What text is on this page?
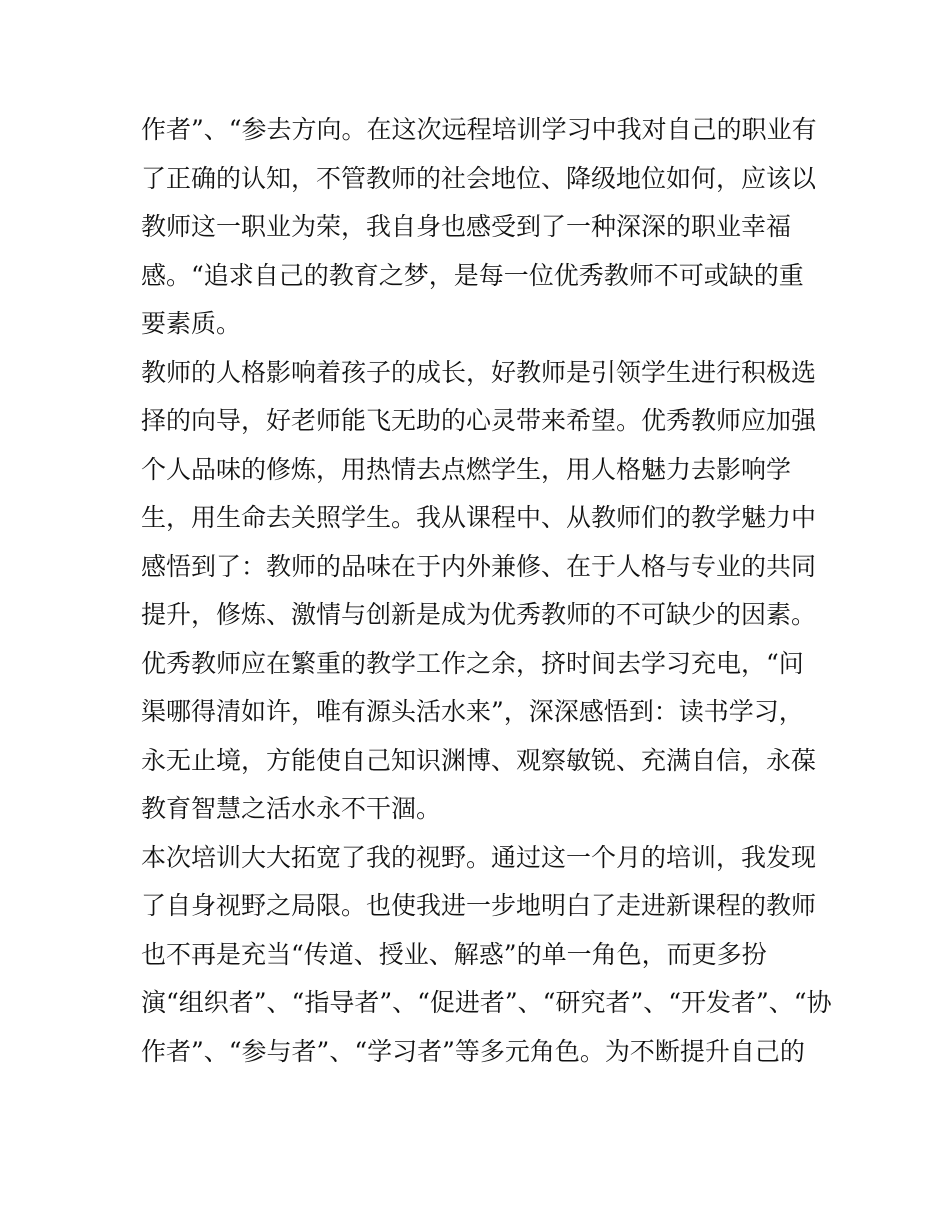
作者”、“参去方向。在这次远程培训学习中我对自己的职业有
了正确的认知，不管教师的社会地位、降级地位如何，应该以
教师这一职业为荣，我自身也感受到了一种深深的职业幸福
感。“追求自己的教育之梦，是每一位优秀教师不可或缺的重
要素质。
教师的人格影响着孩子的成长，好教师是引领学生进行积极选
择的向导，好老师能飞无助的心灵带来希望。优秀教师应加强
个人品味的修炼，用热情去点燃学生，用人格魅力去影响学
生，用生命去关照学生。我从课程中、从教师们的教学魅力中
感悟到了：教师的品味在于内外兼修、在于人格与专业的共同
提升，修炼、激情与创新是成为优秀教师的不可缺少的因素。
优秀教师应在繁重的教学工作之余，挤时间去学习充电，“问
渠哪得清如许，唯有源头活水来”，深深感悟到：读书学习，
永无止境，方能使自己知识渊博、观察敏锐、充满自信，永葆
教育智慧之活水永不干涸。
本次培训大大拓宽了我的视野。通过这一个月的培训，我发现
了自身视野之局限。也使我进一步地明白了走进新课程的教师
也不再是充当“传道、授业、解惑”的单一角色，而更多扮
演“组织者”、“指导者”、“促进者”、“研究者”、“开发者”、“协
作者”、“参与者”、“学习者”等多元角色。为不断提升自己的
